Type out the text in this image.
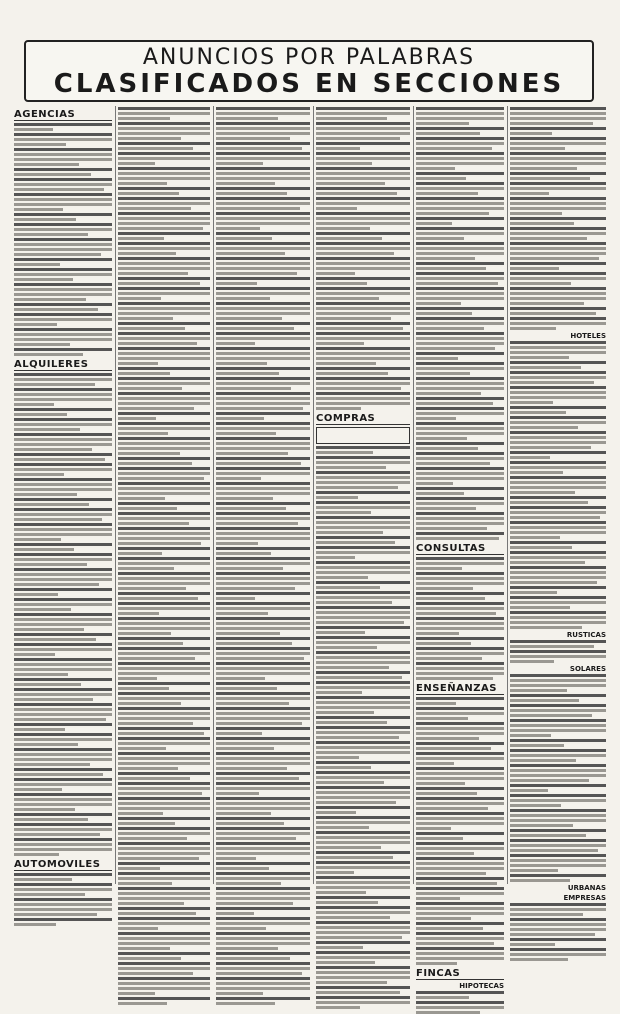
ANUNCIOS POR PALABRAS
CLASIFICADOS EN SECCIONES
AGENCIAS
ALQUILERES
AUTOMOVILES
COMPRAS

CONSULTAS
ENSEÑANZAS
FINCAS
HIPOTECAS
HOTELES
RUSTICAS
SOLARES
URBANAS
EMPRESAS
